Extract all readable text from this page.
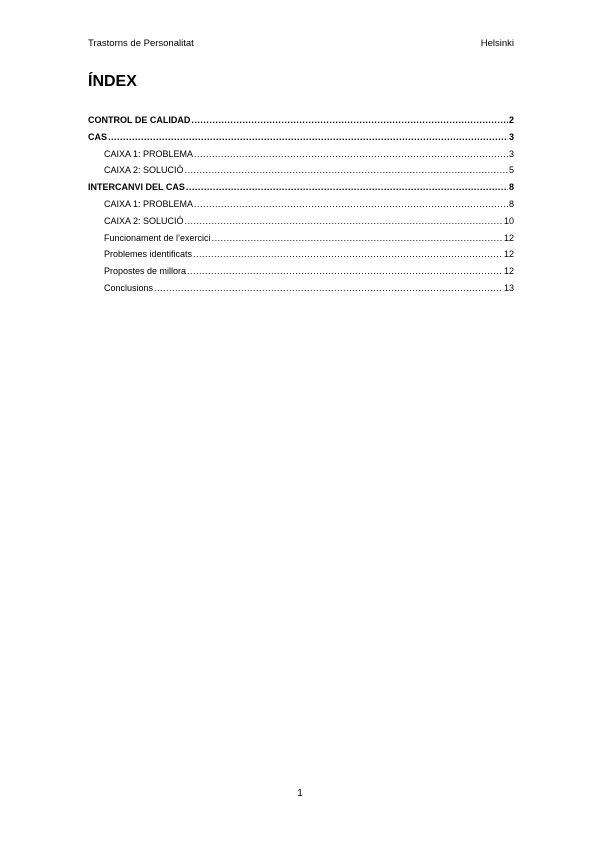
Trastorns de Personalitat	Helsinki
ÍNDEX
CONTROL DE CALIDAD .....	2
CAS .....	3
CAIXA 1: PROBLEMA .....	3
CAIXA 2: SOLUCIÓ .....	5
INTERCANVI DEL CAS .....	8
CAIXA 1: PROBLEMA .....	8
CAIXA 2: SOLUCIÓ .....	10
Funcionament de l’exercici .....	12
Problemes identificats .....	12
Propostes de millora .....	12
Conclusions .....	13
1
